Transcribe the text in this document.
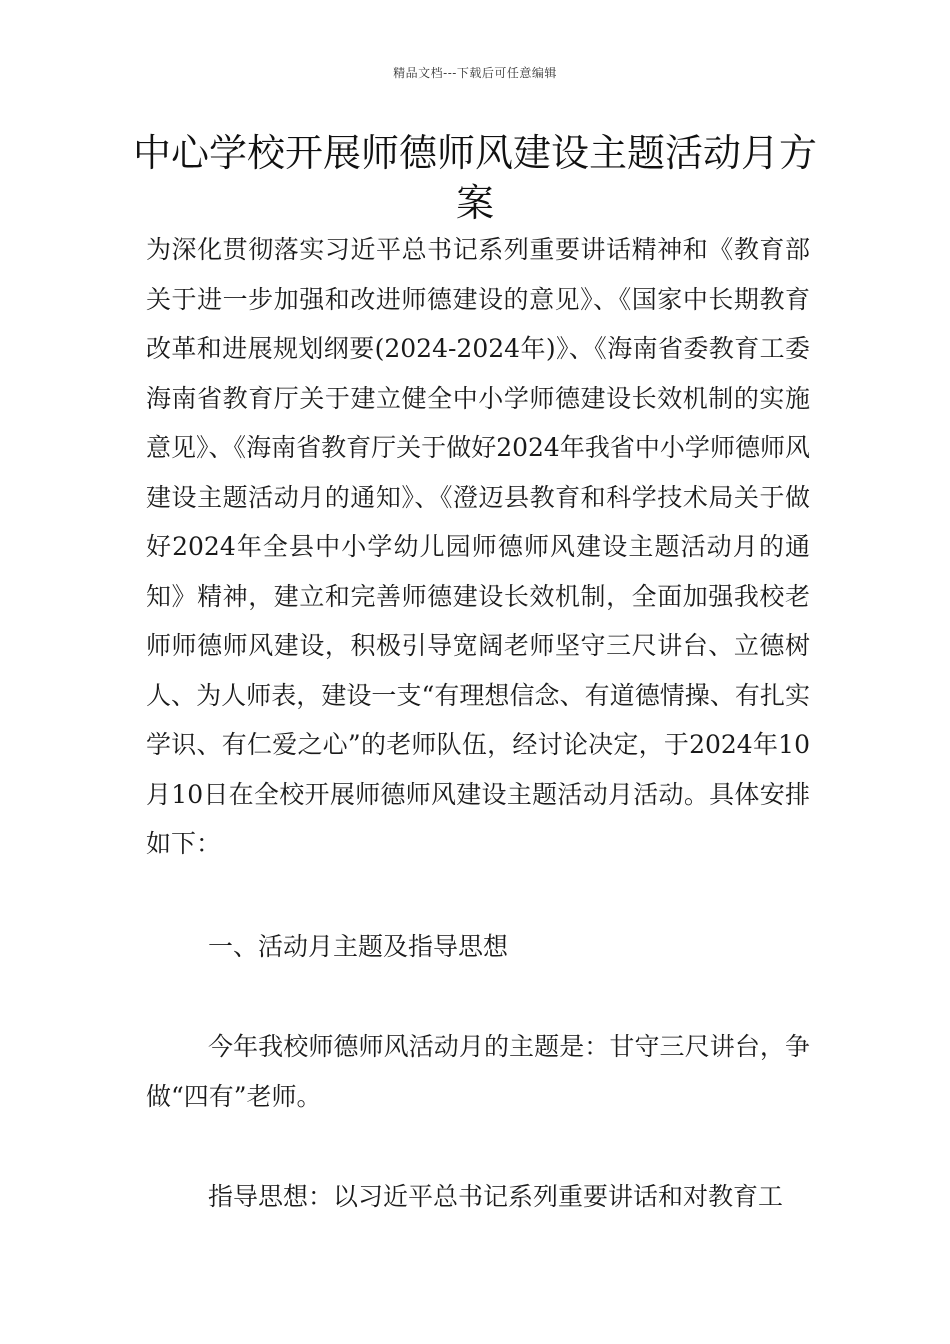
精品文档---下载后可任意编辑
中心学校开展师德师风建设主题活动月方案

为深化贯彻落实习近平总书记系列重要讲话精神和《教育部关于进一步加强和改进师德建设的意见》、《国家中长期教育改革和进展规划纲要(2024-2024年)》、《海南省委教育工委海南省教育厅关于建立健全中小学师德建设长效机制的实施意见》、《海南省教育厅关于做好2024年我省中小学师德师风建设主题活动月的通知》、《澄迈县教育和科学技术局关于做好2024年全县中小学幼儿园师德师风建设主题活动月的通知》精神，建立和完善师德建设长效机制，全面加强我校老师师德师风建设，积极引导宽阔老师坚守三尺讲台、立德树人、为人师表，建设一支“有理想信念、有道德情操、有扎实学识、有仁爱之心”的老师队伍，经讨论决定，于2024年10月10日在全校开展师德师风建设主题活动月活动。具体安排如下：

一、活动月主题及指导思想

今年我校师德师风活动月的主题是：甘守三尺讲台，争做“四有”老师。

指导思想：以习近平总书记系列重要讲话和对教育工
